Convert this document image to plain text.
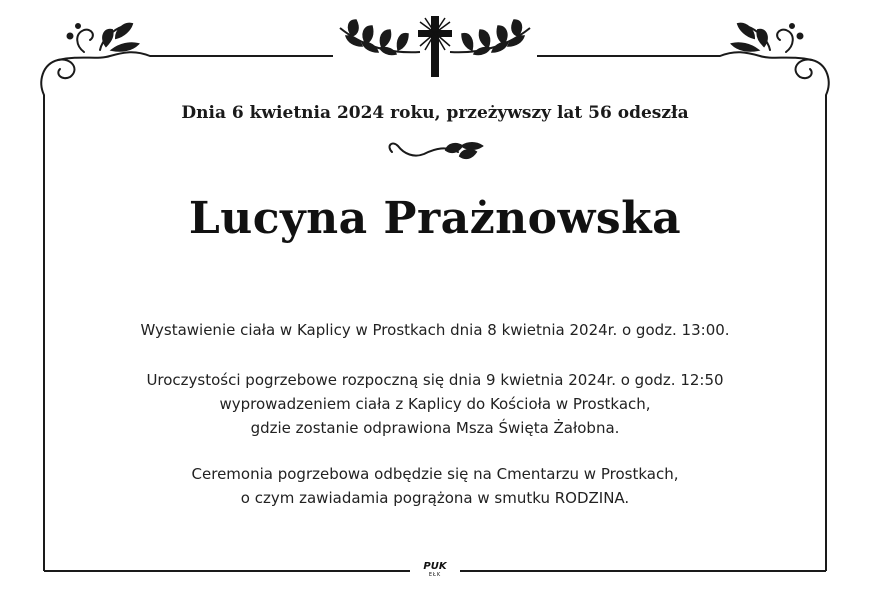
Dnia 6 kwietnia 2024 roku, przeżywszy lat 56 odeszła
Lucyna Prażnowska
Wystawienie ciała w Kaplicy w Prostkach dnia 8 kwietnia 2024r. o godz. 13:00.
Uroczystości pogrzebowe rozpoczną się dnia 9 kwietnia 2024r. o godz. 12:50
wyprowadzeniem ciała z Kaplicy do Kościoła w Prostkach,
gdzie zostanie odprawiona Msza Święta Żałobna.
Ceremonia pogrzebowa odbędzie się na Cmentarzu w Prostkach,
o czym zawiadamia pogrążona w smutku RODZINA.
PUK
EŁK
